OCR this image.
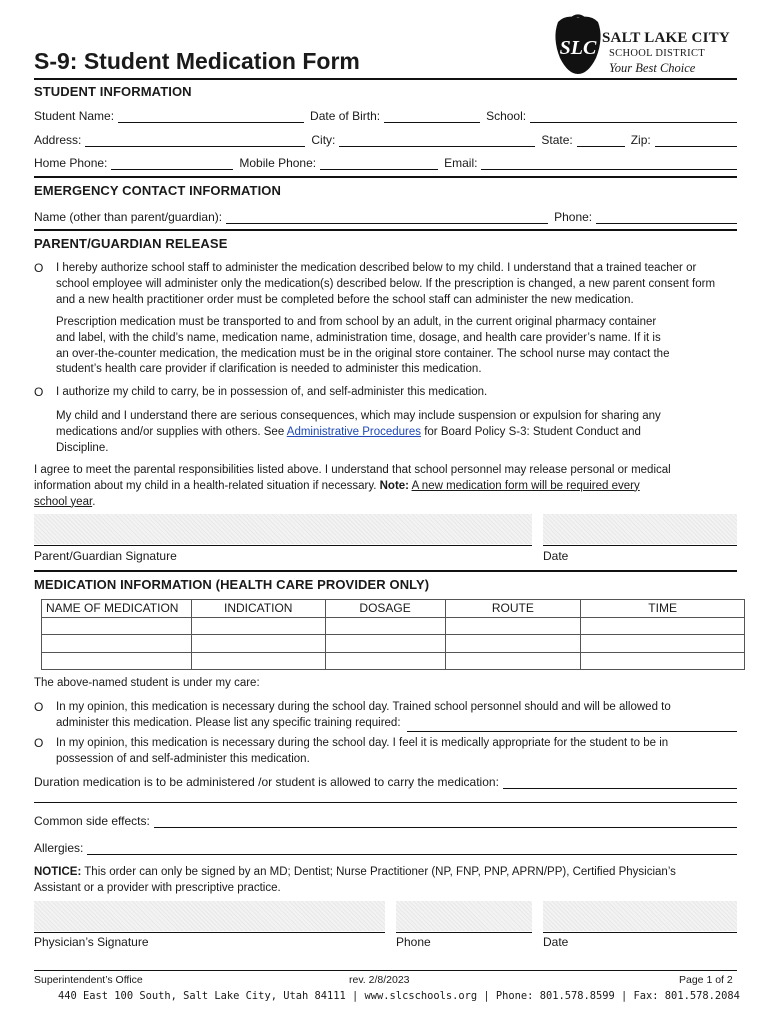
SLC SALT LAKE CITY
SCHOOL DISTRICT
Your Best Choice
S-9: Student Medication Form
STUDENT INFORMATION
Student Name:	Date of Birth:	School:
Address:	City:	State:	Zip:
Home Phone:	Mobile Phone:	Email:
EMERGENCY CONTACT INFORMATION
Name (other than parent/guardian):	Phone:
PARENT/GUARDIAN RELEASE
O I hereby authorize school staff to administer the medication described below to my child. I understand that a trained teacher or
school employee will administer only the medication(s) described below. If the prescription is changed, a new parent consent form
and a new health practitioner order must be completed before the school staff can administer the new medication.
Prescription medication must be transported to and from school by an adult, in the current original pharmacy container
and label, with the child’s name, medication name, administration time, dosage, and health care provider’s name. If it is
an over-the-counter medication, the medication must be in the original store container. The school nurse may contact the
student’s health care provider if clarification is needed to administer this medication.
O I authorize my child to carry, be in possession of, and self-administer this medication.
My child and I understand there are serious consequences, which may include suspension or expulsion for sharing any
medications and/or supplies with others. See Administrative Procedures for Board Policy S-3: Student Conduct and
Discipline.
I agree to meet the parental responsibilities listed above. I understand that school personnel may release personal or medical
information about my child in a health-related situation if necessary. Note: A new medication form will be required every
school year.
Parent/Guardian Signature	Date
MEDICATION INFORMATION (HEALTH CARE PROVIDER ONLY)
NAME OF MEDICATION	INDICATION	DOSAGE	ROUTE	TIME

The above-named student is under my care:
O In my opinion, this medication is necessary during the school day. Trained school personnel should and will be allowed to
administer this medication. Please list any specific training required:
O In my opinion, this medication is necessary during the school day. I feel it is medically appropriate for the student to be in
possession of and self-administer this medication.
Duration medication is to be administered /or student is allowed to carry the medication:
Common side effects:
Allergies:
NOTICE: This order can only be signed by an MD; Dentist; Nurse Practitioner (NP, FNP, PNP, APRN/PP), Certified Physician’s
Assistant or a provider with prescriptive practice.
Physician’s Signature	Phone	Date
Superintendent’s Office	rev. 2/8/2023	Page 1 of 2
440 East 100 South, Salt Lake City, Utah 84111 | www.slcschools.org | Phone: 801.578.8599 | Fax: 801.578.2084
